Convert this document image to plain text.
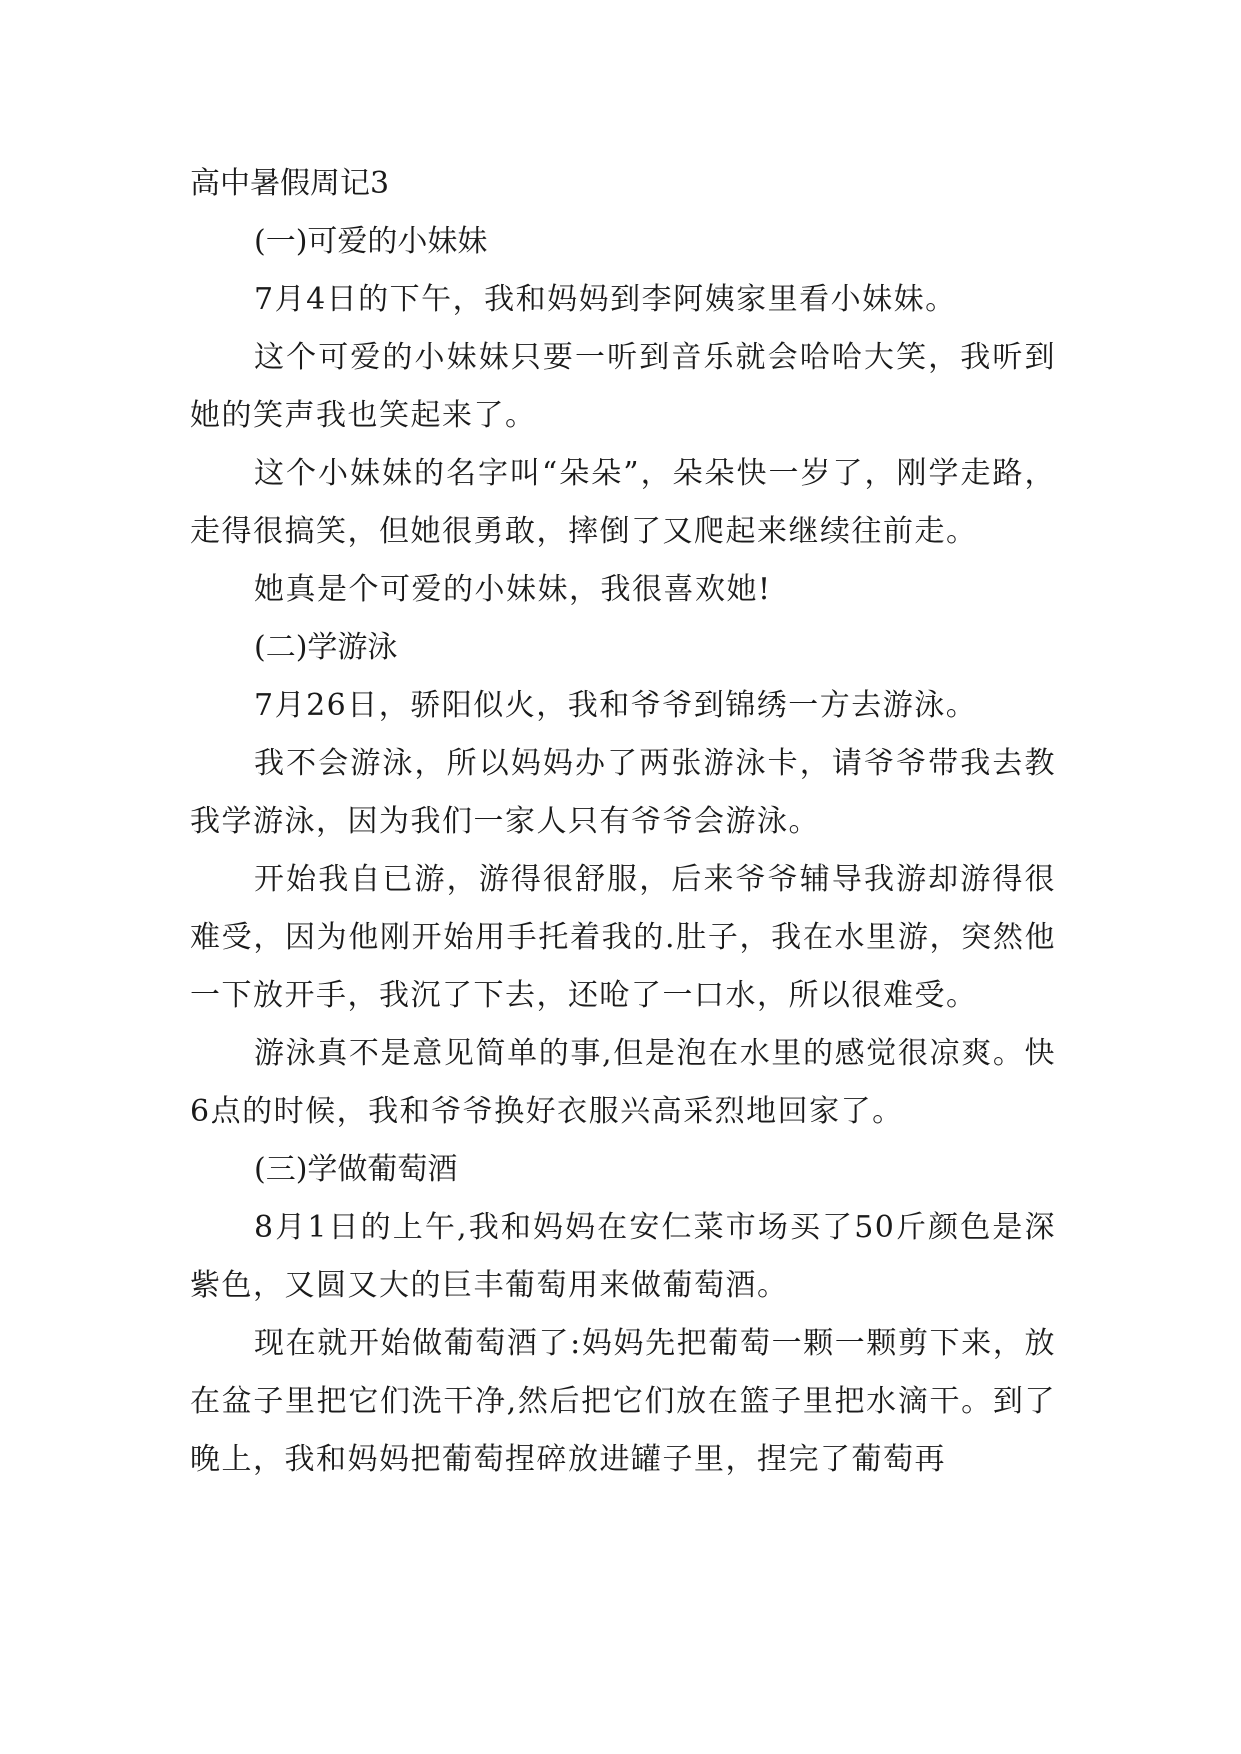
高中暑假周记3

(一)可爱的小妹妹

7月4日的下午，我和妈妈到李阿姨家里看小妹妹。

这个可爱的小妹妹只要一听到音乐就会哈哈大笑，我听到她的笑声我也笑起来了。

这个小妹妹的名字叫“朵朵”，朵朵快一岁了，刚学走路，走得很搞笑，但她很勇敢，摔倒了又爬起来继续往前走。

她真是个可爱的小妹妹，我很喜欢她!

(二)学游泳

7月26日，骄阳似火，我和爷爷到锦绣一方去游泳。

我不会游泳，所以妈妈办了两张游泳卡，请爷爷带我去教我学游泳，因为我们一家人只有爷爷会游泳。

开始我自已游，游得很舒服，后来爷爷辅导我游却游得很难受，因为他刚开始用手托着我的.肚子，我在水里游，突然他一下放开手，我沉了下去，还呛了一口水，所以很难受。

游泳真不是意见简单的事,但是泡在水里的感觉很凉爽。快6点的时候，我和爷爷换好衣服兴高采烈地回家了。

(三)学做葡萄酒

8月1日的上午,我和妈妈在安仁菜市场买了50斤颜色是深紫色，又圆又大的巨丰葡萄用来做葡萄酒。

现在就开始做葡萄酒了:妈妈先把葡萄一颗一颗剪下来，放在盆子里把它们洗干净,然后把它们放在篮子里把水滴干。到了晚上，我和妈妈把葡萄捏碎放进罐子里，捏完了葡萄再
